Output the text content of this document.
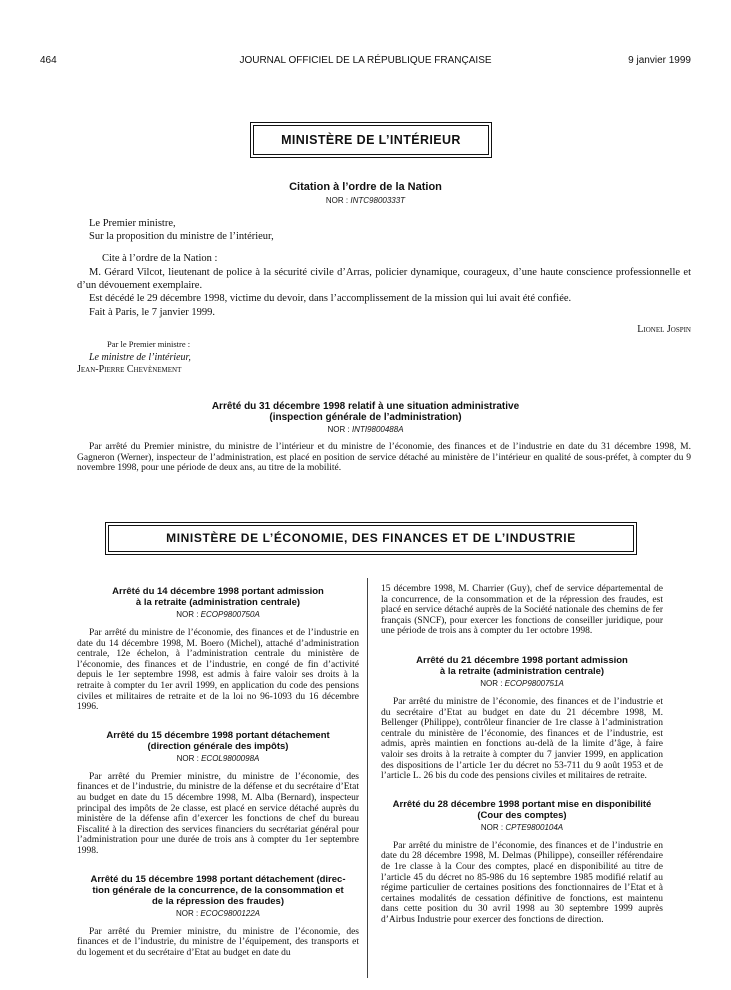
464	JOURNAL OFFICIEL DE LA RÉPUBLIQUE FRANÇAISE	9 janvier 1999
MINISTÈRE DE L’INTÉRIEUR
Citation à l’ordre de la Nation
NOR : INTC9800333T
Le Premier ministre,
Sur la proposition du ministre de l’intérieur,
Cite à l’ordre de la Nation :
M. Gérard Vilcot, lieutenant de police à la sécurité civile d’Arras, policier dynamique, courageux, d’une haute conscience professionnelle et d’un dévouement exemplaire.
Est décédé le 29 décembre 1998, victime du devoir, dans l’accomplissement de la mission qui lui avait été confiée.
Fait à Paris, le 7 janvier 1999.
Lionel Jospin
Par le Premier ministre :
Le ministre de l’intérieur,
Jean-Pierre Chevènement
Arrêté du 31 décembre 1998 relatif à une situation administrative
(inspection générale de l’administration)
NOR : INTI9800488A
Par arrêté du Premier ministre, du ministre de l’intérieur et du ministre de l’économie, des finances et de l’industrie en date du 31 décembre 1998, M. Gagneron (Werner), inspecteur de l’administration, est placé en position de service détaché au ministère de l’intérieur en qualité de sous-préfet, à compter du 9 novembre 1998, pour une période de deux ans, au titre de la mobilité.
MINISTÈRE DE L’ÉCONOMIE, DES FINANCES ET DE L’INDUSTRIE
Arrêté du 14 décembre 1998 portant admission
à la retraite (administration centrale)
NOR : ECOP9800750A

Par arrêté du ministre de l’économie, des finances et de l’industrie en date du 14 décembre 1998, M. Boero (Michel), attaché d’administration centrale, 12e échelon, à l’administration centrale du ministère de l’économie, des finances et de l’industrie, en congé de fin d’activité depuis le 1er septembre 1998, est admis à faire valoir ses droits à la retraite à compter du 1er avril 1999, en application du code des pensions civiles et militaires de retraite et de la loi no 96-1093 du 16 décembre 1996.

Arrêté du 15 décembre 1998 portant détachement
(direction générale des impôts)
NOR : ECOL9800098A

Par arrêté du Premier ministre, du ministre de l’économie, des finances et de l’industrie, du ministre de la défense et du secrétaire d’Etat au budget en date du 15 décembre 1998, M. Alba (Bernard), inspecteur principal des impôts de 2e classe, est placé en service détaché auprès du ministère de la défense afin d’exercer les fonctions de chef du bureau Fiscalité à la direction des services financiers du secrétariat général pour l’administration pour une durée de trois ans à compter du 1er septembre 1998.

Arrêté du 15 décembre 1998 portant détachement (direc-
tion générale de la concurrence, de la consommation et
de la répression des fraudes)
NOR : ECOC9800122A

Par arrêté du Premier ministre, du ministre de l’économie, des finances et de l’industrie, du ministre de l’équipement, des transports et du logement et du secrétaire d’Etat au budget en date du

15 décembre 1998, M. Charrier (Guy), chef de service départemental de la concurrence, de la consommation et de la répression des fraudes, est placé en service détaché auprès de la Société nationale des chemins de fer français (SNCF), pour exercer les fonctions de conseiller juridique, pour une période de trois ans à compter du 1er octobre 1998.

Arrêté du 21 décembre 1998 portant admission
à la retraite (administration centrale)
NOR : ECOP9800751A

Par arrêté du ministre de l’économie, des finances et de l’industrie et du secrétaire d’Etat au budget en date du 21 décembre 1998, M. Bellenger (Philippe), contrôleur financier de 1re classe à l’administration centrale du ministère de l’économie, des finances et de l’industrie, est admis, après maintien en fonctions au-delà de la limite d’âge, à faire valoir ses droits à la retraite à compter du 7 janvier 1999, en application des dispositions de l’article 1er du décret no 53-711 du 9 août 1953 et de l’article L. 26 bis du code des pensions civiles et militaires de retraite.

Arrêté du 28 décembre 1998 portant mise en disponibilité
(Cour des comptes)
NOR : CPTE9800104A

Par arrêté du ministre de l’économie, des finances et de l’industrie en date du 28 décembre 1998, M. Delmas (Philippe), conseiller référendaire de 1re classe à la Cour des comptes, placé en disponibilité au titre de l’article 45 du décret no 85-986 du 16 septembre 1985 modifié relatif au régime particulier de certaines positions des fonctionnaires de l’Etat et à certaines modalités de cessation définitive de fonctions, est maintenu dans cette position du 30 avril 1998 au 30 septembre 1999 auprès d’Airbus Industrie pour exercer des fonctions de direction.
